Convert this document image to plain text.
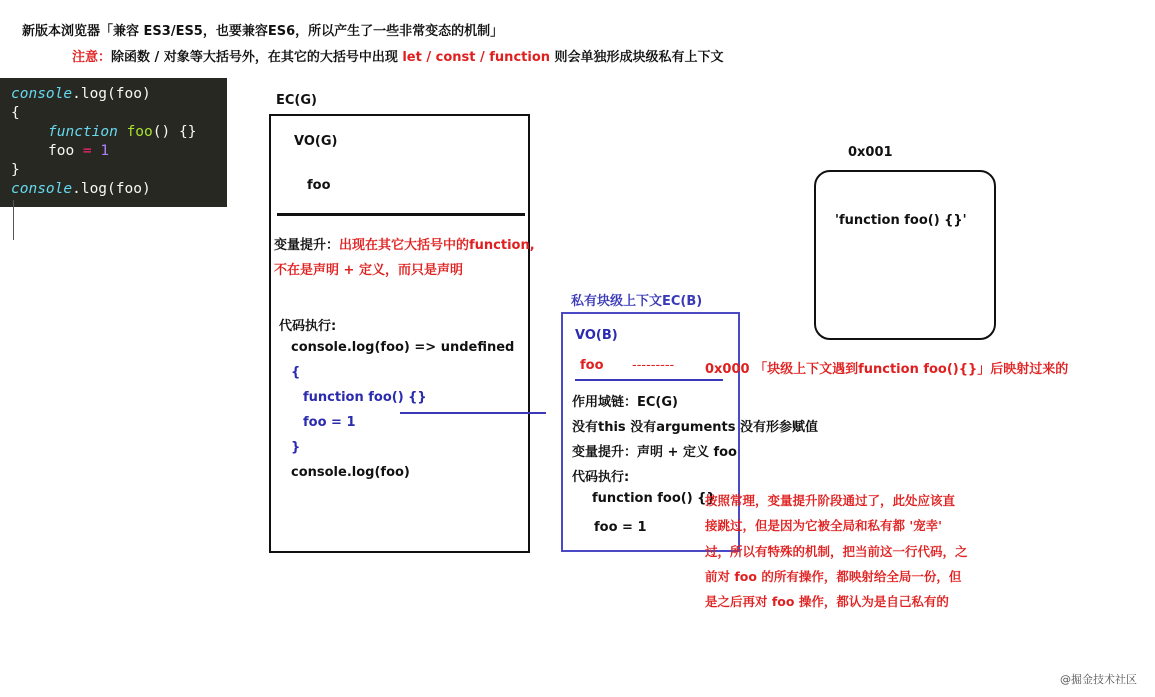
新版本浏览器「兼容 ES3/ES5，也要兼容ES6，所以产生了一些非常变态的机制」
注意：除函数 / 对象等大括号外，在其它的大括号中出现 let / const / function 则会单独形成块级私有上下文
console.log(foo)
{
function foo() {}
foo = 1
}
console.log(foo)
EC(G)
VO(G)
foo
变量提升：出现在其它大括号中的function,
不在是声明 + 定义，而只是声明
代码执行:
console.log(foo) => undefined
{
function foo() {}
foo = 1
}
console.log(foo)
0x001
'function foo() {}'
私有块级上下文EC(B)
VO(B)
foo --------- 0x000 「块级上下文遇到function foo(){}」后映射过来的
作用域链：EC(G)
没有this 没有arguments 没有形参赋值
变量提升：声明 + 定义 foo
代码执行:
function foo() {}
foo = 1
按照常理，变量提升阶段通过了，此处应该直
接跳过，但是因为它被全局和私有都 '宠幸'
过，所以有特殊的机制，把当前这一行代码，之
前对 foo 的所有操作，都映射给全局一份，但
是之后再对 foo 操作，都认为是自己私有的
@掘金技术社区
